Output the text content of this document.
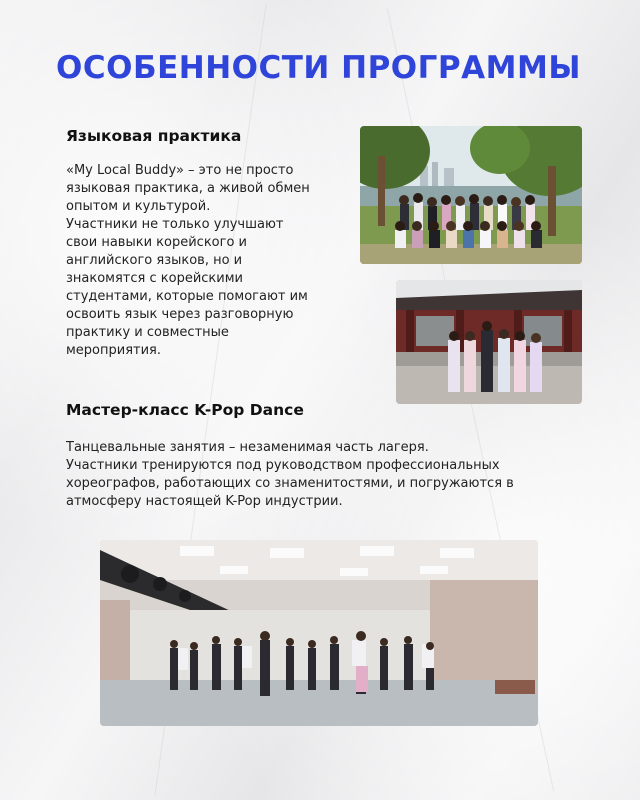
ОСОБЕННОСТИ ПРОГРАММЫ
Языковая практика
«My Local Buddy» – это не просто
языковая практика, а живой обмен
опытом и культурой.
Участники не только улучшают
свои навыки корейского и
английского языков, но и
знакомятся с корейскими
студентами, которые помогают им
освоить язык через разговорную
практику и совместные
мероприятия.
Мастер-класс K-Pop Dance
Танцевальные занятия – незаменимая часть лагеря.
Участники тренируются под руководством профессиональных
хореографов, работающих со знаменитостями, и погружаются в
атмосферу настоящей K-Pop индустрии.
